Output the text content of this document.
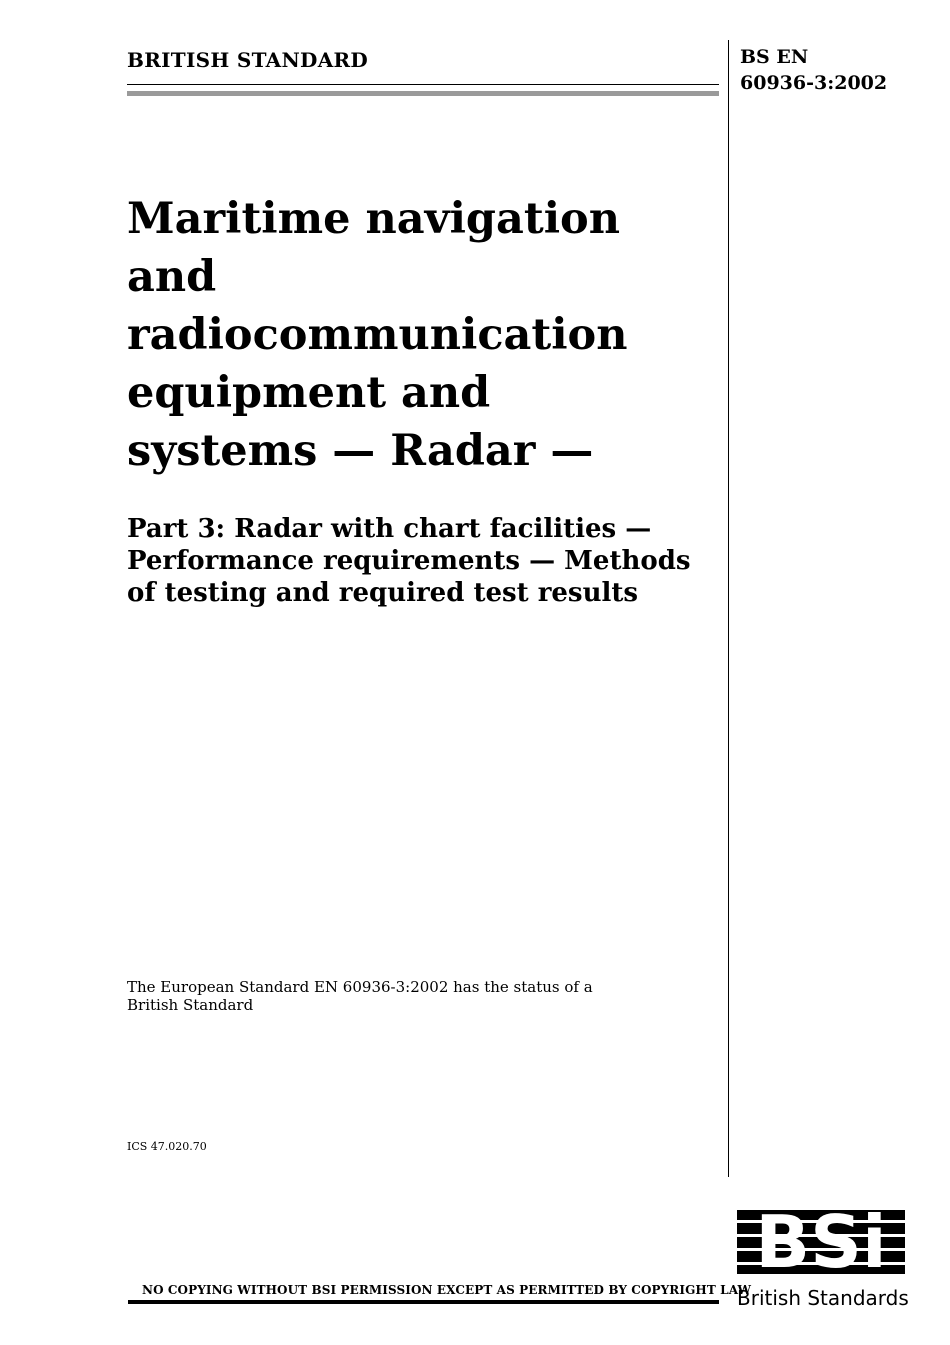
BRITISH STANDARD	BS EN
60936-3:2002
Maritime navigation
and
radiocommunication
equipment and
systems — Radar —
Part 3: Radar with chart facilities —
Performance requirements — Methods
of testing and required test results
The European Standard EN 60936-3:2002 has the status of a
British Standard
ICS 47.020.70
NO COPYING WITHOUT BSI PERMISSION EXCEPT AS PERMITTED BY COPYRIGHT LAW
BSi
British Standards
